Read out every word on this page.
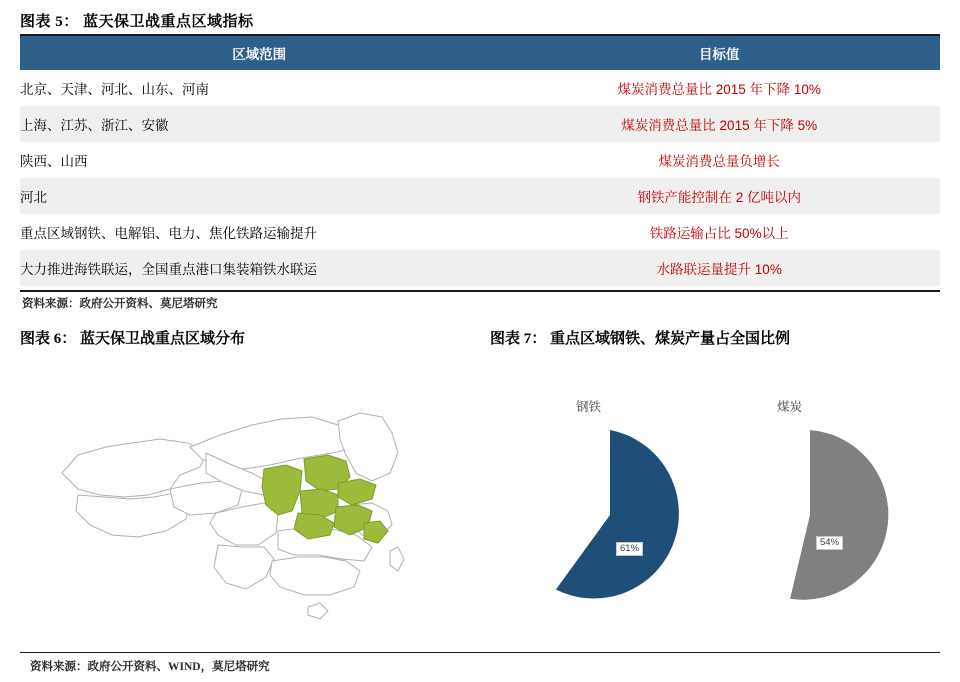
图表 5： 蓝天保卫战重点区域指标
区域范围	目标值
北京、天津、河北、山东、河南	煤炭消费总量比 2015 年下降 10%
上海、江苏、浙江、安徽	煤炭消费总量比 2015 年下降 5%
陕西、山西	煤炭消费总量负增长
河北	钢铁产能控制在 2 亿吨以内
重点区域钢铁、电解铝、电力、焦化铁路运输提升	铁路运输占比 50%以上
大力推进海铁联运，全国重点港口集装箱铁水联运	水路联运量提升 10%
资料来源：政府公开资料、莫尼塔研究
图表 6： 蓝天保卫战重点区域分布	图表 7： 重点区域钢铁、煤炭产量占全国比例
钢铁
61%
煤炭
54%
资料来源：政府公开资料、WIND，莫尼塔研究
